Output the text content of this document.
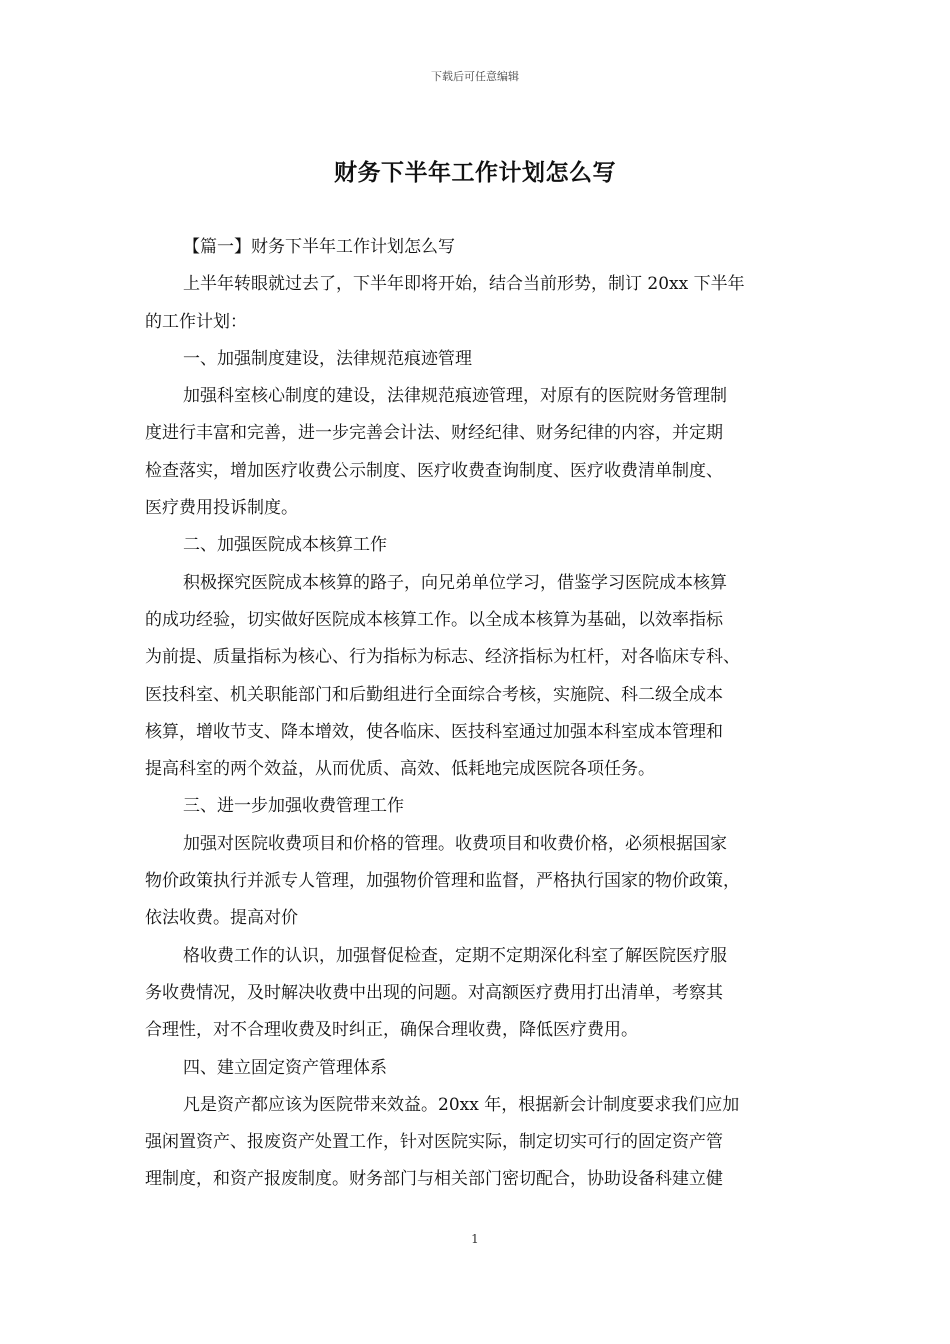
下载后可任意编辑
财务下半年工作计划怎么写
【篇一】财务下半年工作计划怎么写
上半年转眼就过去了，下半年即将开始，结合当前形势，制订 20xx 下半年
的工作计划：
一、加强制度建设，法律规范痕迹管理
加强科室核心制度的建设，法律规范痕迹管理，对原有的医院财务管理制
度进行丰富和完善，进一步完善会计法、财经纪律、财务纪律的内容，并定期
检查落实，增加医疗收费公示制度、医疗收费查询制度、医疗收费清单制度、
医疗费用投诉制度。
二、加强医院成本核算工作
积极探究医院成本核算的路子，向兄弟单位学习，借鉴学习医院成本核算
的成功经验，切实做好医院成本核算工作。以全成本核算为基础，以效率指标
为前提、质量指标为核心、行为指标为标志、经济指标为杠杆，对各临床专科、
医技科室、机关职能部门和后勤组进行全面综合考核，实施院、科二级全成本
核算，增收节支、降本增效，使各临床、医技科室通过加强本科室成本管理和
提高科室的两个效益，从而优质、高效、低耗地完成医院各项任务。
三、进一步加强收费管理工作
加强对医院收费项目和价格的管理。收费项目和收费价格，必须根据国家
物价政策执行并派专人管理，加强物价管理和监督，严格执行国家的物价政策，
依法收费。提高对价
格收费工作的认识，加强督促检查，定期不定期深化科室了解医院医疗服
务收费情况，及时解决收费中出现的问题。对高额医疗费用打出清单，考察其
合理性，对不合理收费及时纠正，确保合理收费，降低医疗费用。
四、建立固定资产管理体系
凡是资产都应该为医院带来效益。20xx 年，根据新会计制度要求我们应加
强闲置资产、报废资产处置工作，针对医院实际，制定切实可行的固定资产管
理制度，和资产报废制度。财务部门与相关部门密切配合，协助设备科建立健
1
